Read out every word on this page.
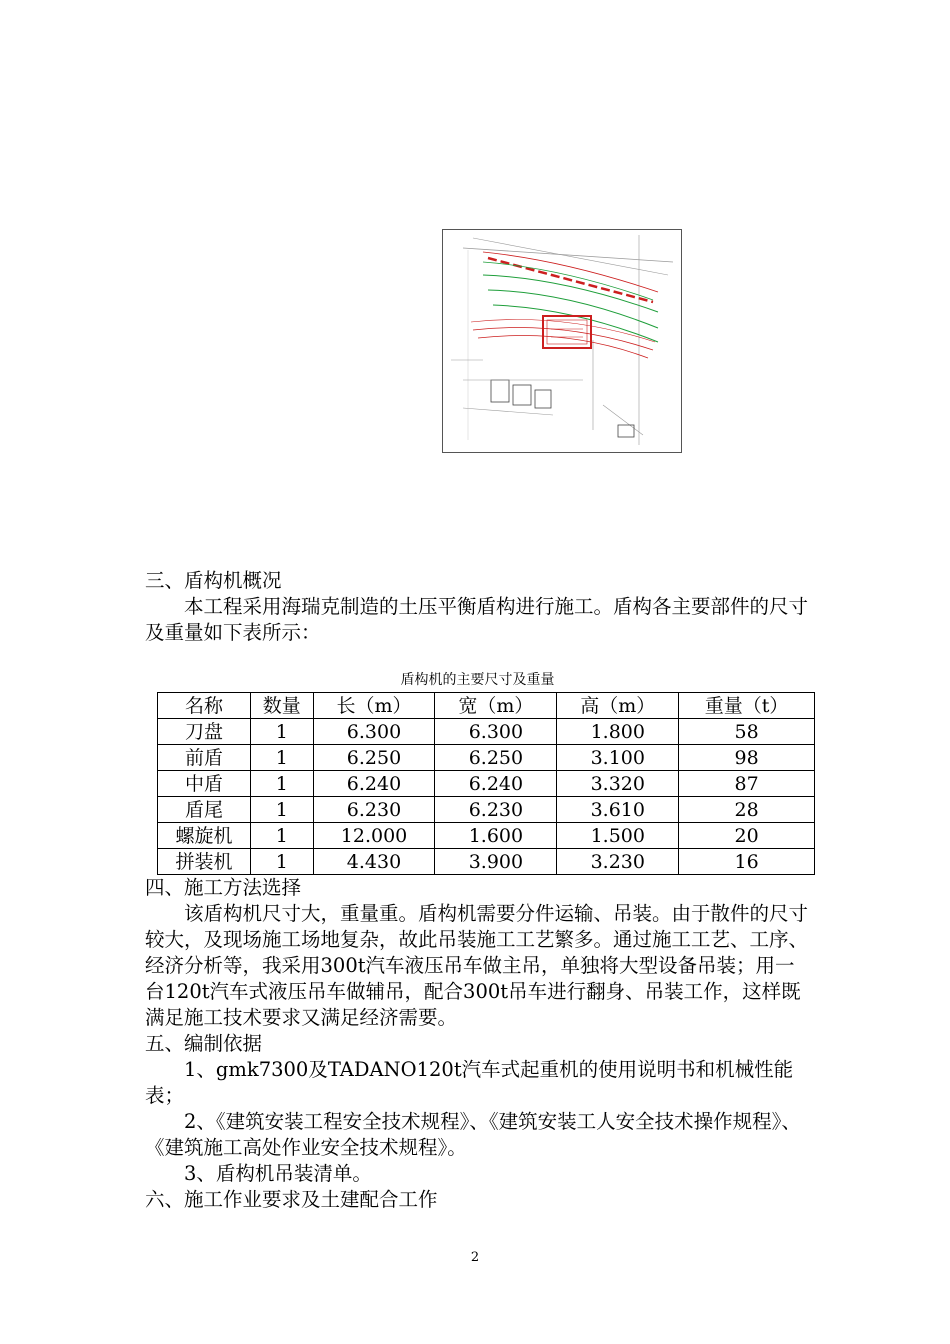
三、盾构机概况

本工程采用海瑞克制造的土压平衡盾构进行施工。盾构各主要部件的尺寸及重量如下表所示：

盾构机的主要尺寸及重量

名称	数量	长（m）	宽（m）	高（m）	重量（t）
刀盘	1	6.300	6.300	1.800	58
前盾	1	6.250	6.250	3.100	98
中盾	1	6.240	6.240	3.320	87
盾尾	1	6.230	6.230	3.610	28
螺旋机	1	12.000	1.600	1.500	20
拼装机	1	4.430	3.900	3.230	16

四、施工方法选择

该盾构机尺寸大，重量重。盾构机需要分件运输、吊装。由于散件的尺寸较大，及现场施工场地复杂，故此吊装施工工艺繁多。通过施工工艺、工序、经济分析等，我采用300t汽车液压吊车做主吊，单独将大型设备吊装；用一台120t汽车式液压吊车做辅吊，配合300t吊车进行翻身、吊装工作，这样既满足施工技术要求又满足经济需要。

五、编制依据

1、gmk7300及TADANO120t汽车式起重机的使用说明书和机械性能表；

2、《建筑安装工程安全技术规程》、《建筑安装工人安全技术操作规程》、《建筑施工高处作业安全技术规程》。

3、盾构机吊装清单。

六、施工作业要求及土建配合工作

2
